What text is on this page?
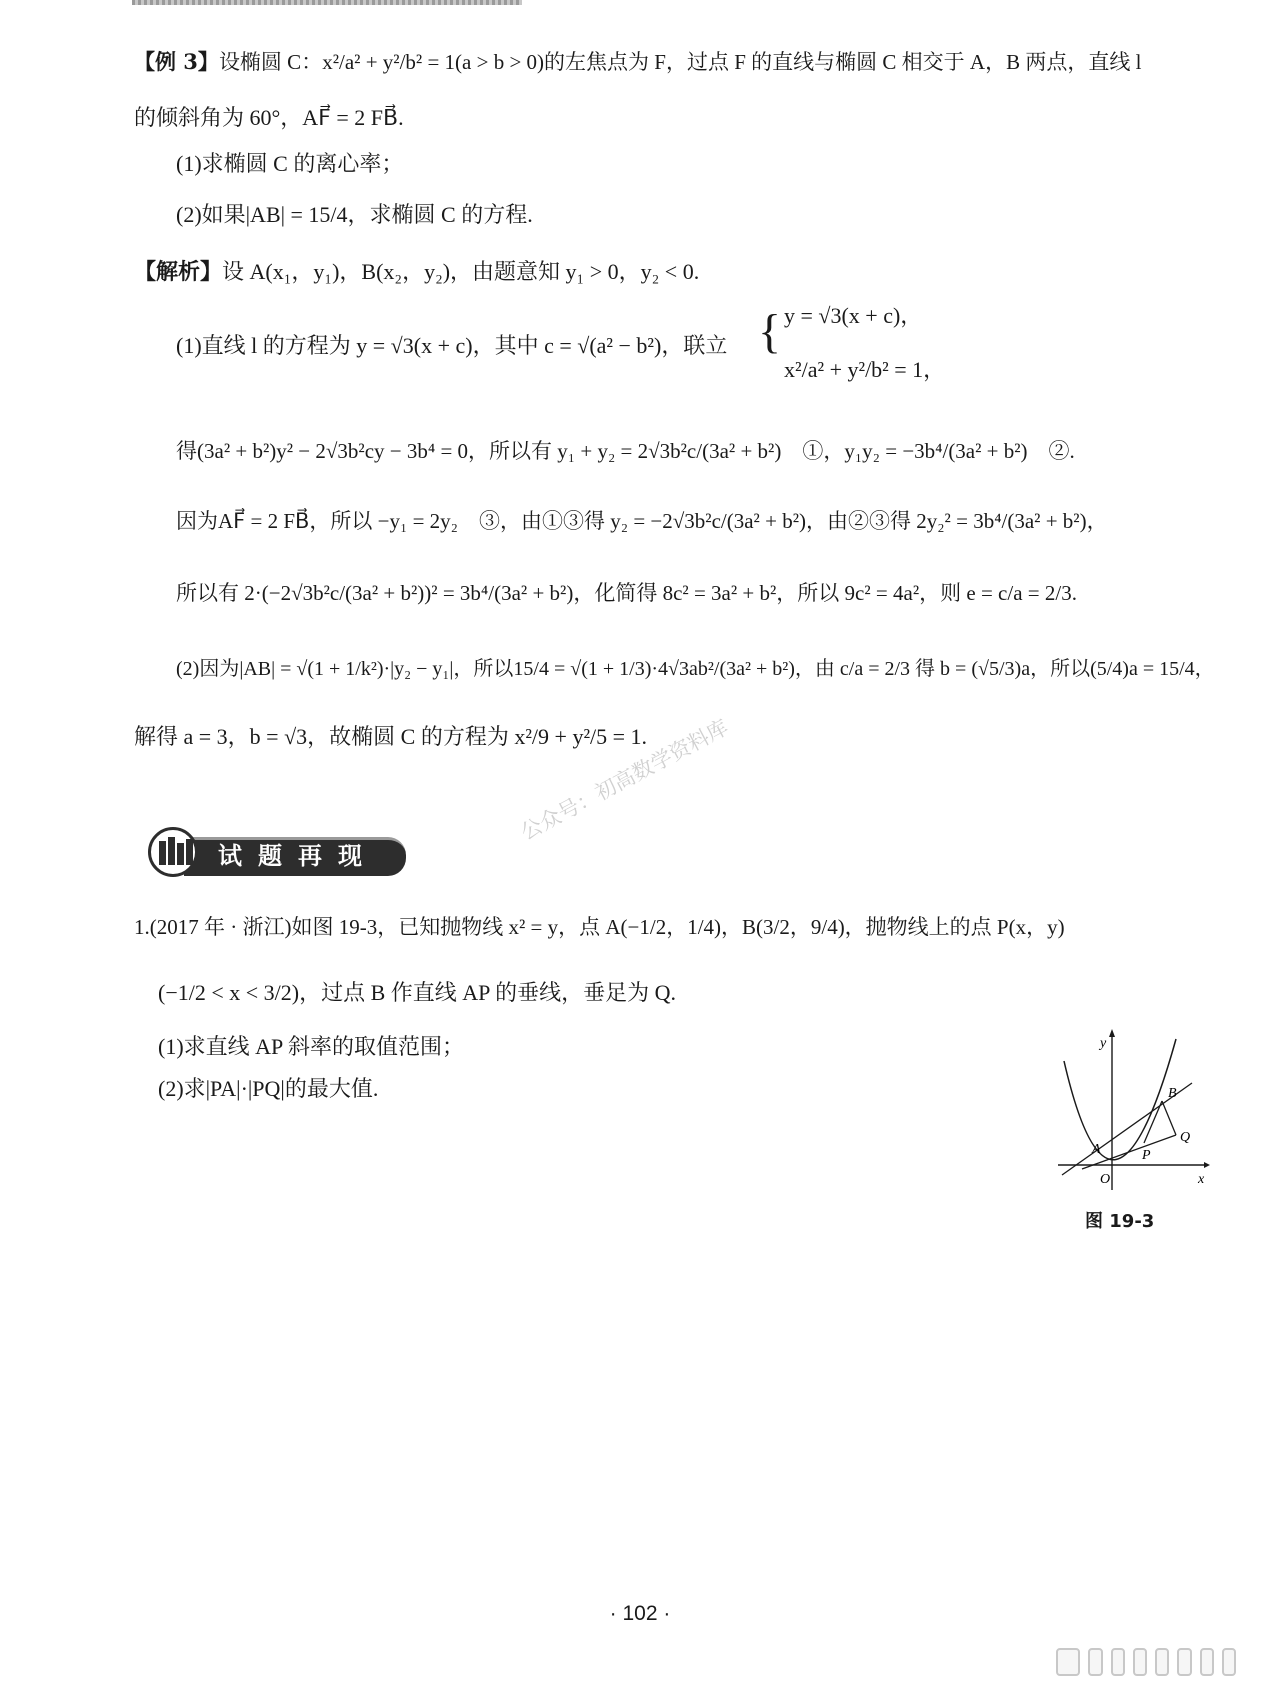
【例 3】设椭圆 C：x²/a² + y²/b² = 1(a > b > 0)的左焦点为 F，过点 F 的直线与椭圆 C 相交于 A，B 两点，直线 l
的倾斜角为 60°，AF⃗ = 2 FB⃗.
(1)求椭圆 C 的离心率；
(2)如果|AB| = 15/4，求椭圆 C 的方程.
【解析】设 A(x₁，y₁)，B(x₂，y₂)，由题意知 y₁ > 0，y₂ < 0.
(1)直线 l 的方程为 y = √3(x + c)，其中 c = √(a² − b²)，联立 { y = √3(x + c)，
x²/a² + y²/b² = 1，
得(3a² + b²)y² − 2√3b²cy − 3b⁴ = 0，所以有 y₁ + y₂ = 2√3b²c/(3a² + b²)　①，y₁y₂ = −3b⁴/(3a² + b²)　②.
因为AF⃗ = 2 FB⃗，所以 −y₁ = 2y₂　③，由①③得 y₂ = −2√3b²c/(3a² + b²)，由②③得 2y₂² = 3b⁴/(3a² + b²)，
所以有 2·(−2√3b²c/(3a² + b²))² = 3b⁴/(3a² + b²)，化简得 8c² = 3a² + b²，所以 9c² = 4a²，则 e = c/a = 2/3.
(2)因为|AB| = √(1 + 1/k²)·|y₂ − y₁|，所以15/4 = √(1 + 1/3)·4√3ab²/(3a² + b²)，由 c/a = 2/3 得 b = (√5/3)a，所以(5/4)a = 15/4，
解得 a = 3，b = √3，故椭圆 C 的方程为 x²/9 + y²/5 = 1.
公众号：初高数学资料库
试题再现
1.(2017 年 · 浙江)如图 19-3，已知抛物线 x² = y，点 A(−1/2，1/4)，B(3/2，9/4)，抛物线上的点 P(x，y)
(−1/2 < x < 3/2)，过点 B 作直线 AP 的垂线，垂足为 Q.
(1)求直线 AP 斜率的取值范围；
(2)求|PA|·|PQ|的最大值.
y
x
O
A
B
P
Q
图 19-3
· 102 ·
